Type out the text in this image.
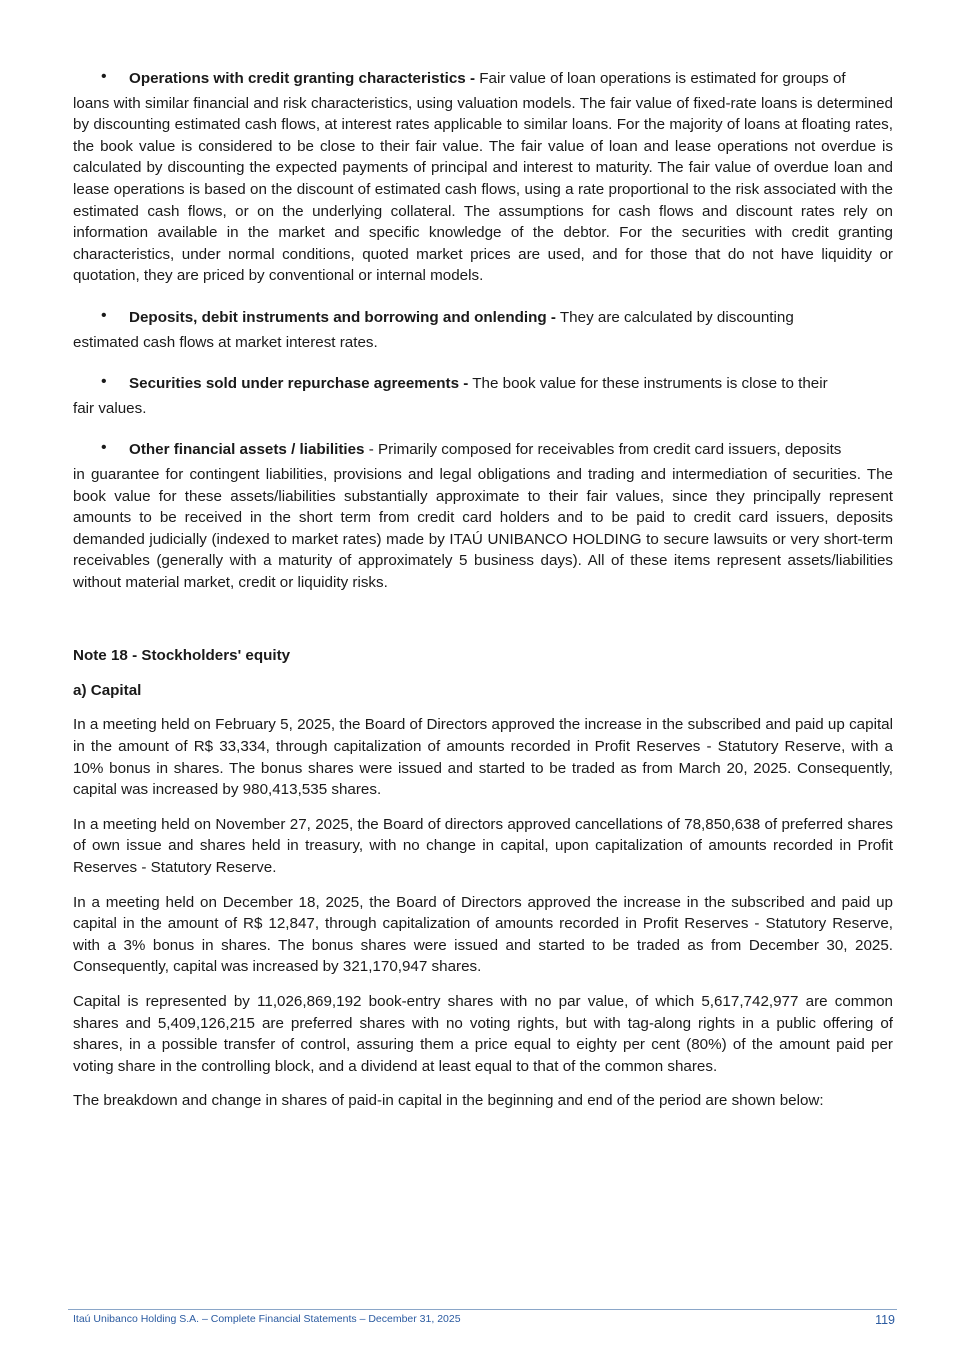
• Operations with credit granting characteristics - Fair value of loan operations is estimated for groups of
loans with similar financial and risk characteristics, using valuation models. The fair value of fixed-rate loans is determined by discounting estimated cash flows, at interest rates applicable to similar loans. For the majority of loans at floating rates, the book value is considered to be close to their fair value. The fair value of loan and lease operations not overdue is calculated by discounting the expected payments of principal and interest to maturity. The fair value of overdue loan and lease operations is based on the discount of estimated cash flows, using a rate proportional to the risk associated with the estimated cash flows, or on the underlying collateral. The assumptions for cash flows and discount rates rely on information available in the market and specific knowledge of the debtor. For the securities with credit granting characteristics, under normal conditions, quoted market prices are used, and for those that do not have liquidity or quotation, they are priced by conventional or internal models.
• Deposits, debit instruments and borrowing and onlending - They are calculated by discounting
estimated cash flows at market interest rates.
• Securities sold under repurchase agreements - The book value for these instruments is close to their
fair values.
• Other financial assets / liabilities - Primarily composed for receivables from credit card issuers, deposits
in guarantee for contingent liabilities, provisions and legal obligations and trading and intermediation of securities. The book value for these assets/liabilities substantially approximate to their fair values, since they principally represent amounts to be received in the short term from credit card holders and to be paid to credit card issuers, deposits demanded judicially (indexed to market rates) made by ITAÚ UNIBANCO HOLDING to secure lawsuits or very short-term receivables (generally with a maturity of approximately 5 business days). All of these items represent assets/liabilities without material market, credit or liquidity risks.
Note 18 - Stockholders' equity
a) Capital

In a meeting held on February 5, 2025, the Board of Directors approved the increase in the subscribed and paid up capital in the amount of R$ 33,334, through capitalization of amounts recorded in Profit Reserves - Statutory Reserve, with a 10% bonus in shares. The bonus shares were issued and started to be traded as from March 20, 2025. Consequently, capital was increased by 980,413,535 shares.

In a meeting held on November 27, 2025, the Board of directors approved cancellations of 78,850,638 of preferred shares of own issue and shares held in treasury, with no change in capital, upon capitalization of amounts recorded in Profit Reserves - Statutory Reserve.

In a meeting held on December 18, 2025, the Board of Directors approved the increase in the subscribed and paid up capital in the amount of R$ 12,847, through capitalization of amounts recorded in Profit Reserves - Statutory Reserve, with a 3% bonus in shares. The bonus shares were issued and started to be traded as from December 30, 2025. Consequently, capital was increased by 321,170,947 shares.

Capital is represented by 11,026,869,192 book-entry shares with no par value, of which 5,617,742,977 are common shares and 5,409,126,215 are preferred shares with no voting rights, but with tag-along rights in a public offering of shares, in a possible transfer of control, assuring them a price equal to eighty per cent (80%) of the amount paid per voting share in the controlling block, and a dividend at least equal to that of the common shares.

The breakdown and change in shares of paid-in capital in the beginning and end of the period are shown below:

Itaú Unibanco Holding S.A. – Complete Financial Statements – December 31, 2025	119
